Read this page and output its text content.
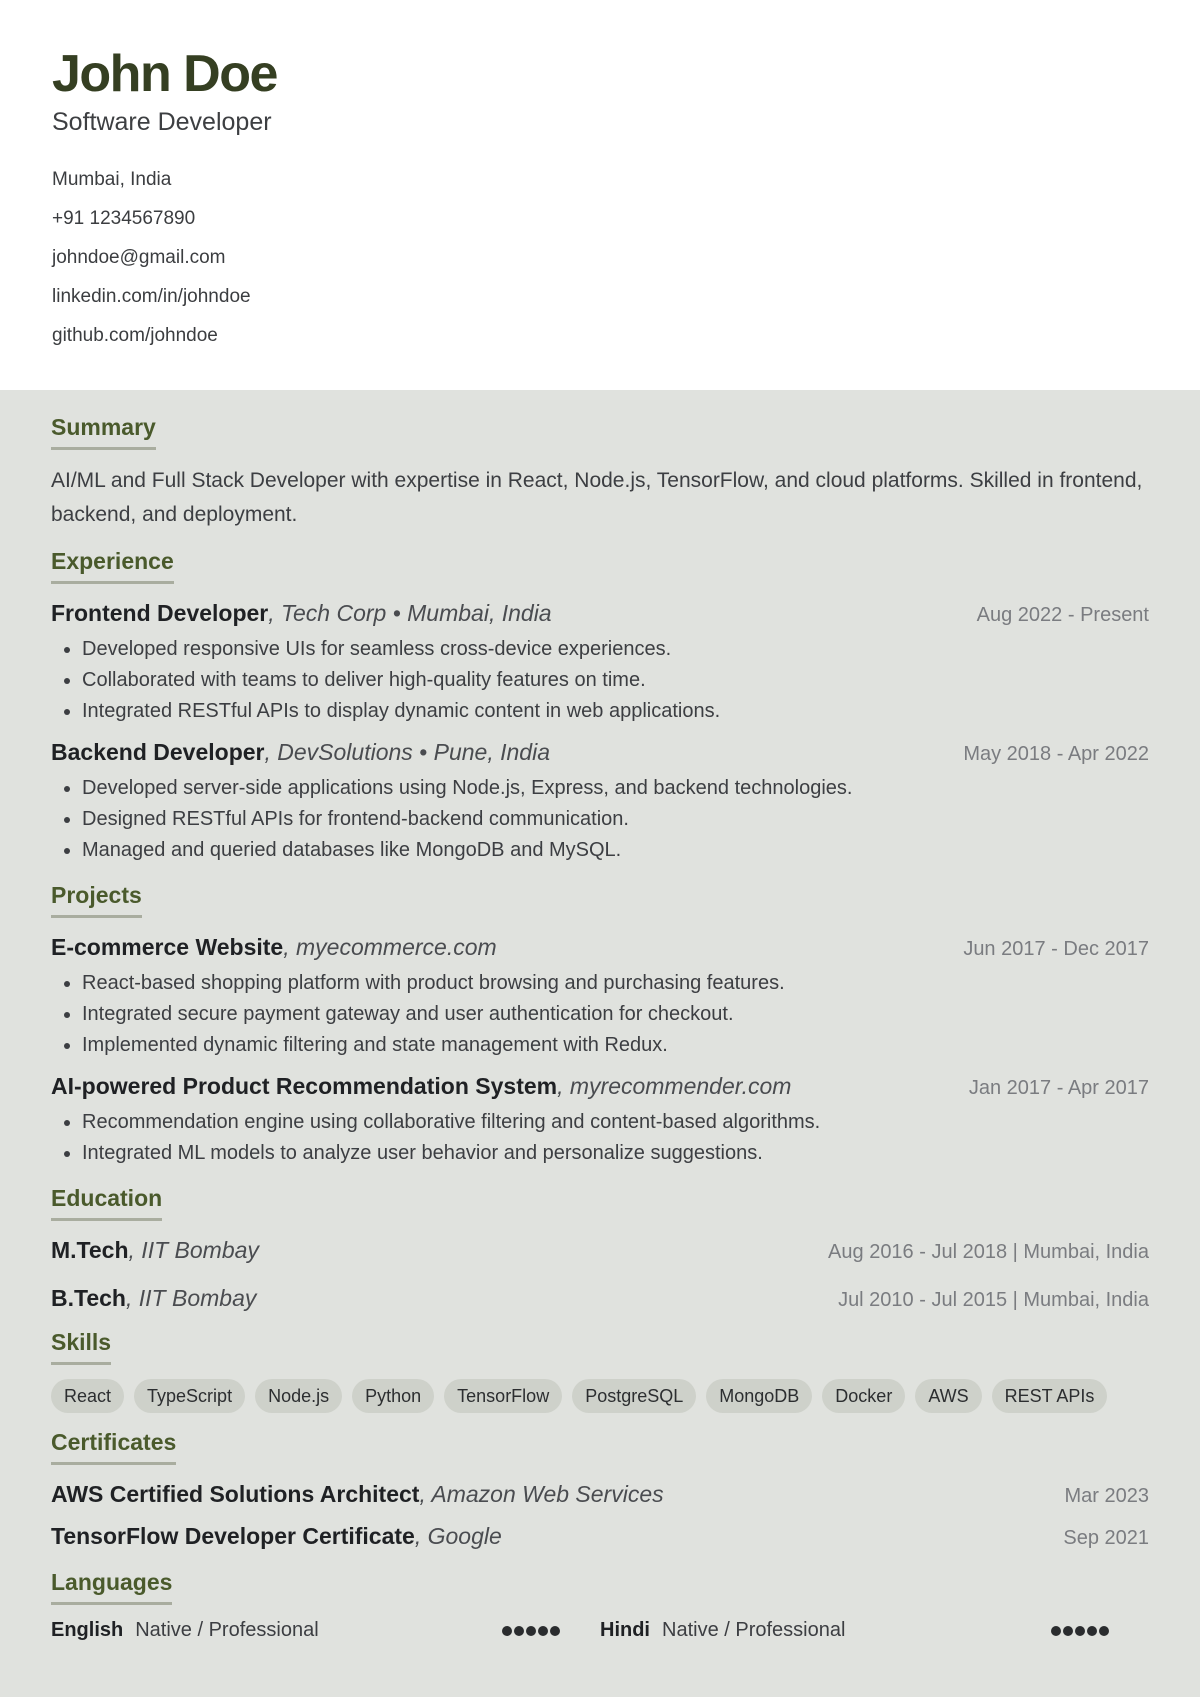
John Doe
Software Developer
Mumbai, India
+91 1234567890
johndoe@gmail.com
linkedin.com/in/johndoe
github.com/johndoe
Summary
AI/ML and Full Stack Developer with expertise in React, Node.js, TensorFlow, and cloud platforms. Skilled in frontend, backend, and deployment.
Experience
Frontend Developer, Tech Corp • Mumbai, India	Aug 2022 - Present
• Developed responsive UIs for seamless cross-device experiences.
• Collaborated with teams to deliver high-quality features on time.
• Integrated RESTful APIs to display dynamic content in web applications.
Backend Developer, DevSolutions • Pune, India	May 2018 - Apr 2022
• Developed server-side applications using Node.js, Express, and backend technologies.
• Designed RESTful APIs for frontend-backend communication.
• Managed and queried databases like MongoDB and MySQL.
Projects
E-commerce Website, myecommerce.com	Jun 2017 - Dec 2017
• React-based shopping platform with product browsing and purchasing features.
• Integrated secure payment gateway and user authentication for checkout.
• Implemented dynamic filtering and state management with Redux.
AI-powered Product Recommendation System, myrecommender.com	Jan 2017 - Apr 2017
• Recommendation engine using collaborative filtering and content-based algorithms.
• Integrated ML models to analyze user behavior and personalize suggestions.
Education
M.Tech, IIT Bombay	Aug 2016 - Jul 2018 | Mumbai, India
B.Tech, IIT Bombay	Jul 2010 - Jul 2015 | Mumbai, India
Skills
React	TypeScript	Node.js	Python	TensorFlow	PostgreSQL	MongoDB	Docker	AWS	REST APIs
Certificates
AWS Certified Solutions Architect, Amazon Web Services	Mar 2023
TensorFlow Developer Certificate, Google	Sep 2021
Languages
English Native / Professional	Hindi Native / Professional
